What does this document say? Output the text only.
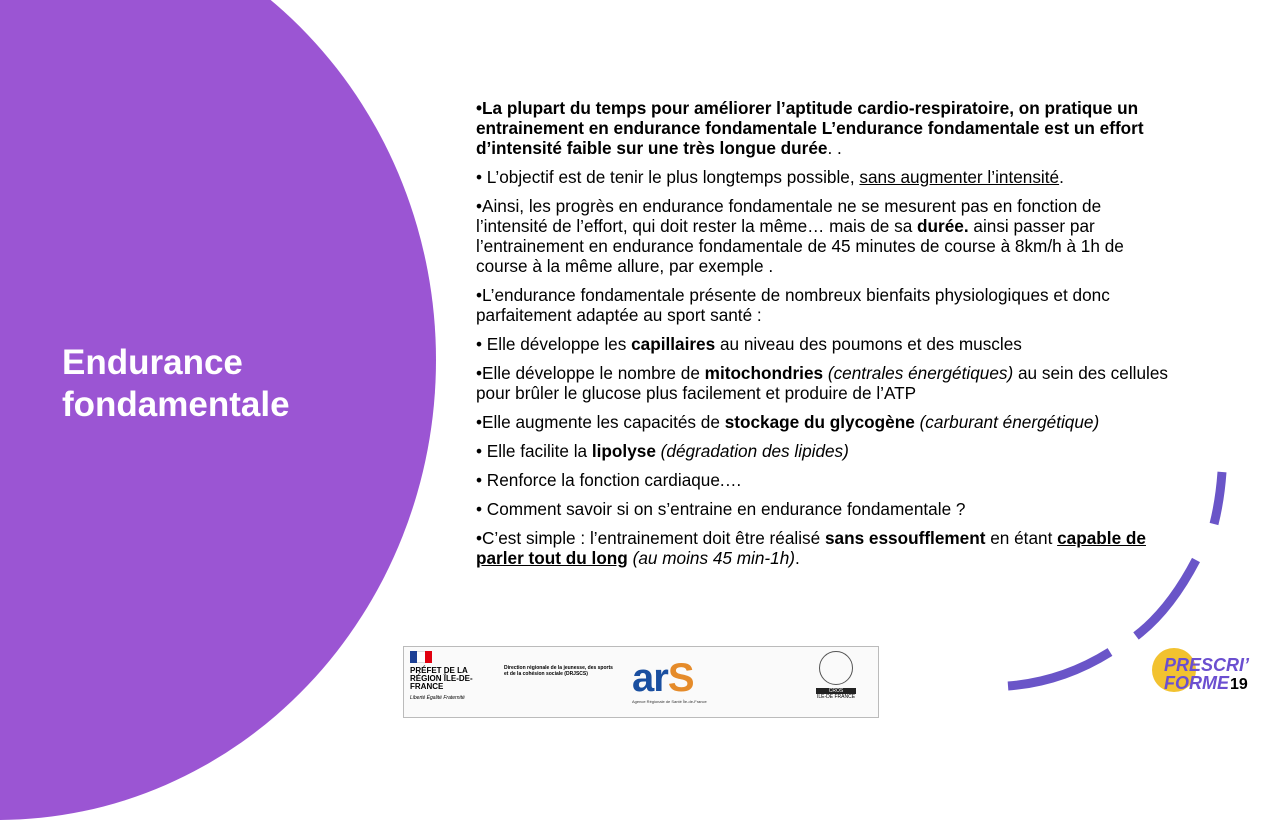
Endurance
fondamentale

•La plupart du temps pour améliorer l’aptitude cardio-respiratoire, on pratique un entrainement en endurance fondamentale L’endurance fondamentale est un effort d’intensité faible sur une très longue durée. .

• L’objectif est de tenir le plus longtemps possible, sans augmenter l’intensité.

•Ainsi, les progrès en endurance fondamentale ne se mesurent pas en fonction de l’intensité de l’effort, qui doit rester la même… mais de sa durée. ainsi passer par l’entrainement en endurance fondamentale de 45 minutes de course à 8km/h à 1h de course à la même allure, par exemple .

•L’endurance fondamentale présente de nombreux bienfaits physiologiques et donc parfaitement adaptée au sport santé :

• Elle développe les capillaires au niveau des poumons et des muscles

•Elle développe le nombre de mitochondries (centrales énergétiques) au sein des cellules pour brûler le glucose plus facilement et produire de l’ATP

•Elle augmente les capacités de stockage du glycogène (carburant énergétique)

• Elle facilite la lipolyse (dégradation des lipides)

• Renforce la fonction cardiaque.…

• Comment savoir si on s’entraine en endurance fondamentale ?

•C’est simple : l’entrainement doit être réalisé sans essoufflement en étant capable de parler tout du long (au moins 45 min-1h).

PRÉFET DE LA RÉGION ÎLE-DE-FRANCE
Liberté Égalité Fraternité
Direction régionale de la jeunesse, des sports et de la cohésion sociale (DRJSCS)	arS
Agence Régionale de Santé Île-de-France
CROS
ILE-DE FRANCE
PRESCRI’
FORME 19
